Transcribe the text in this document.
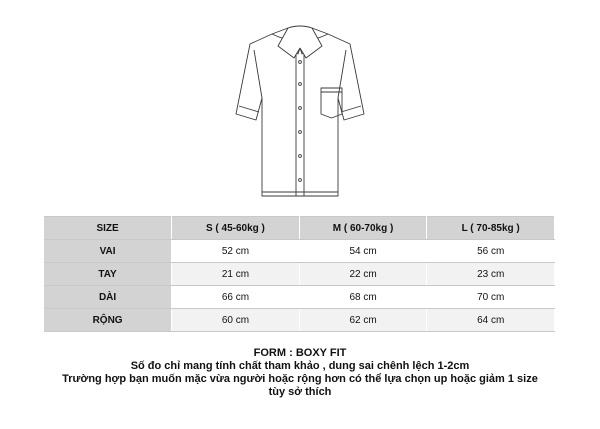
SIZE	S ( 45-60kg )	M ( 60-70kg )	L ( 70-85kg )
VAI	52 cm	54 cm	56 cm
TAY	21 cm	22 cm	23 cm
DÀI	66 cm	68 cm	70 cm
RỘNG	60 cm	62 cm	64 cm
FORM : BOXY FIT
Số đo chỉ mang tính chất tham khảo , dung sai chênh lệch 1-2cm
Trường hợp bạn muốn mặc vừa người hoặc rộng hơn có thể lựa chọn up hoặc giảm 1 size
tùy sở thích
